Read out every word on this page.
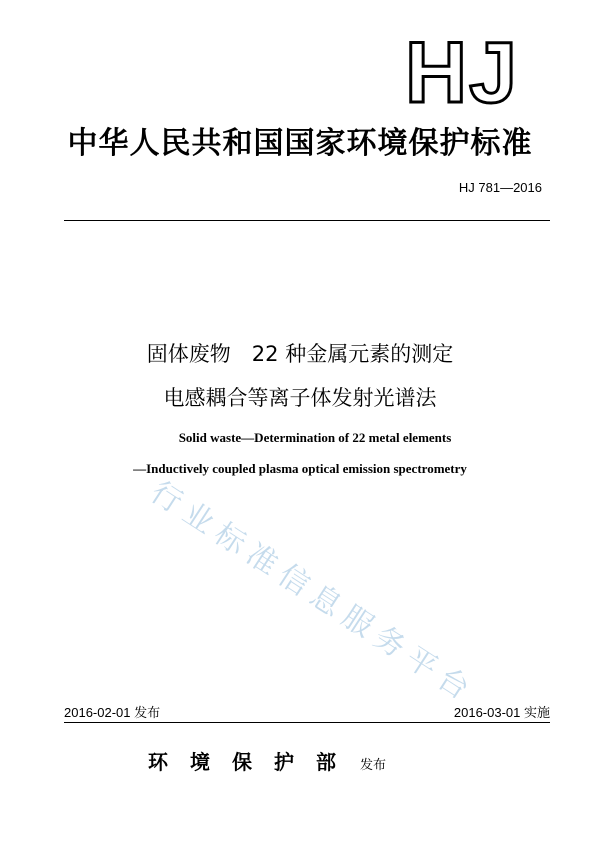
HJ
中华人民共和国国家环境保护标准
HJ 781—2016
固体废物　22 种金属元素的测定
电感耦合等离子体发射光谱法
Solid waste—Determination of 22 metal elements
—Inductively coupled plasma optical emission spectrometry
行业标准信息服务平台
2016-02-01 发布	2016-03-01 实施
环境保护部 发布
